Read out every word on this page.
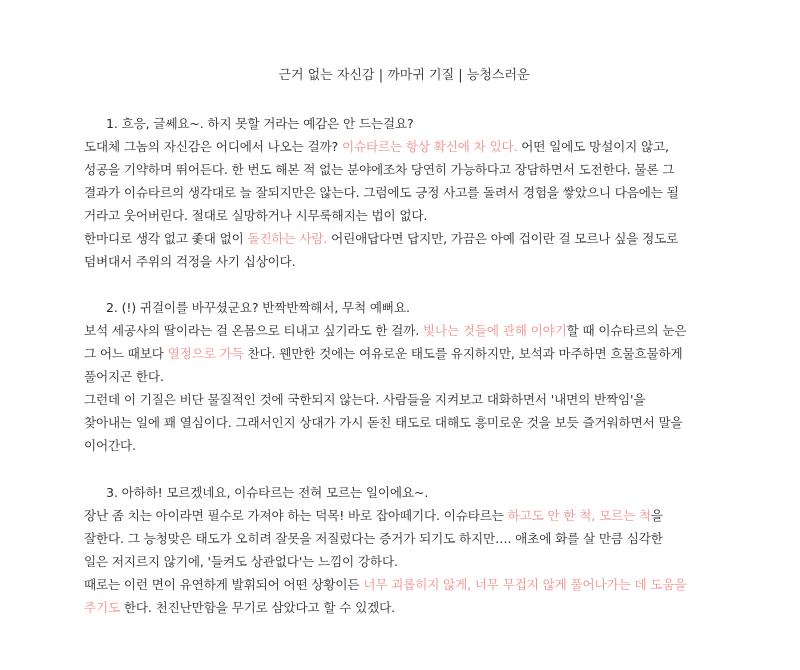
근거 없는 자신감 | 까마귀 기질 | 능청스러운
1. 흐응, 글쎄요~. 하지 못할 거라는 예감은 안 드는걸요?
도대체 그놈의 자신감은 어디에서 나오는 걸까? 이슈타르는 항상 확신에 차 있다. 어떤 일에도 망설이지 않고,
성공을 기약하며 뛰어든다. 한 번도 해본 적 없는 분야에조차 당연히 가능하다고 장담하면서 도전한다. 물론 그
결과가 이슈타르의 생각대로 늘 잘되지만은 않는다. 그럼에도 긍정 사고를 돌려서 경험을 쌓았으니 다음에는 될
거라고 웃어버린다. 절대로 실망하거나 시무룩해지는 법이 없다.
한마디로 생각 없고 좇대 없이 돌진하는 사람. 어린애답다면 답지만, 가끔은 아예 겁이란 걸 모르나 싶을 정도로
덤벼대서 주위의 걱정을 사기 십상이다.
2. (!) 귀걸이를 바꾸셨군요? 반짝반짝해서, 무척 예뻐요.
보석 세공사의 딸이라는 걸 온몸으로 티내고 싶기라도 한 걸까. 빛나는 것들에 관해 이야기할 때 이슈타르의 눈은
그 어느 때보다 열정으로 가득 찬다. 웬만한 것에는 여유로운 태도를 유지하지만, 보석과 마주하면 흐물흐물하게
풀어지곤 한다.
그런데 이 기질은 비단 물질적인 것에 국한되지 않는다. 사람들을 지켜보고 대화하면서 '내면의 반짝임'을
찾아내는 일에 꽤 열심이다. 그래서인지 상대가 가시 돋친 태도로 대해도 흥미로운 것을 보듯 즐거워하면서 말을
이어간다.
3. 아하하! 모르겠네요, 이슈타르는 전혀 모르는 일이에요~.
장난 좀 치는 아이라면 필수로 가져야 하는 덕목! 바로 잡아떼기다. 이슈타르는 하고도 안 한 척, 모르는 척을
잘한다. 그 능청맞은 태도가 오히려 잘못을 저질렀다는 증거가 되기도 하지만…. 애초에 화를 살 만큼 심각한
일은 저지르지 않기에, '들켜도 상관없다'는 느낌이 강하다.
때로는 이런 면이 유연하게 발휘되어 어떤 상황이든 너무 괴롭히지 않게, 너무 무겁지 않게 풀어나가는 데 도움을
주기도 한다. 천진난만함을 무기로 삼았다고 할 수 있겠다.
